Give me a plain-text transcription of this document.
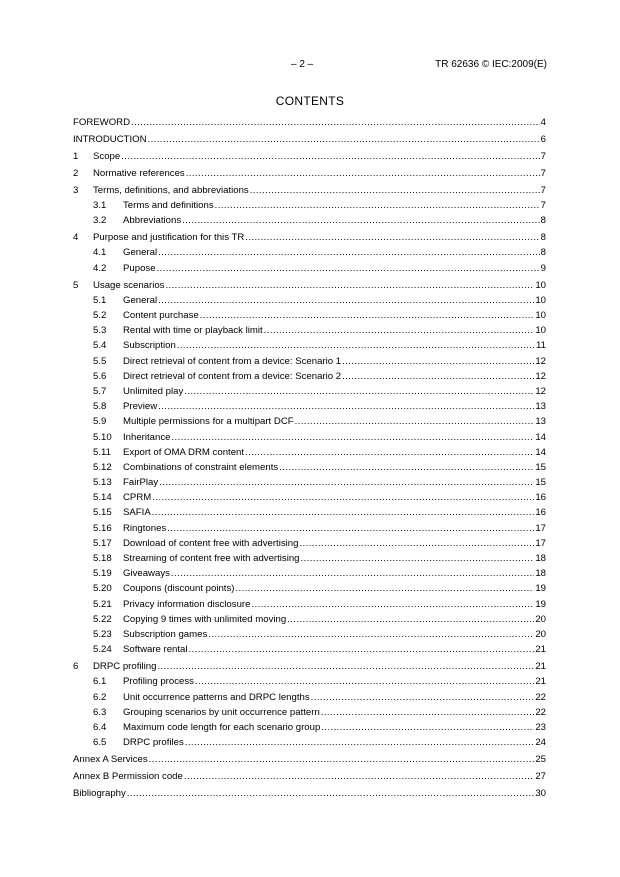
– 2 –	TR 62636 © IEC:2009(E)
CONTENTS
FOREWORD .....	4
INTRODUCTION .....	6
1	Scope .....	7
2	Normative references .....	7
3	Terms, definitions, and abbreviations .....	7
3.1	Terms and definitions .....	7
3.2	Abbreviations .....	8
4	Purpose and justification for this TR .....	8
4.1	General .....	8
4.2	Pupose .....	9
5	Usage scenarios .....	10
5.1	General .....	10
5.2	Content purchase .....	10
5.3	Rental with time or playback limit .....	10
5.4	Subscription .....	11
5.5	Direct retrieval of content from a device: Scenario 1 .....	12
5.6	Direct retrieval of content from a device: Scenario 2 .....	12
5.7	Unlimited play .....	12
5.8	Preview .....	13
5.9	Multiple permissions for a multipart DCF .....	13
5.10	Inheritance .....	14
5.11	Export of OMA DRM content .....	14
5.12	Combinations of constraint elements .....	15
5.13	FairPlay .....	15
5.14	CPRM .....	16
5.15	SAFIA .....	16
5.16	Ringtones .....	17
5.17	Download of content free with advertising .....	17
5.18	Streaming of content free with advertising .....	18
5.19	Giveaways .....	18
5.20	Coupons (discount points) .....	19
5.21	Privacy information disclosure .....	19
5.22	Copying 9 times with unlimited moving .....	20
5.23	Subscription games .....	20
5.24	Software rental .....	21
6	DRPC profiling .....	21
6.1	Profiling process .....	21
6.2	Unit occurrence patterns and DRPC lengths .....	22
6.3	Grouping scenarios by unit occurrence pattern .....	22
6.4	Maximum code length for each scenario group .....	23
6.5	DRPC profiles .....	24
Annex A Services .....	25
Annex B Permission code .....	27
Bibliography .....	30
